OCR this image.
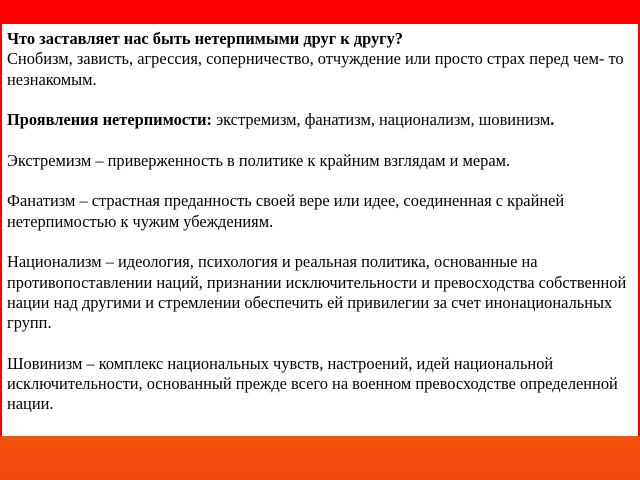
Что заставляет нас быть нетерпимыми друг к другу?

Снобизм, зависть, агрессия, соперничество, отчуждение или просто страх перед чем- то незнакомым.

Проявления нетерпимости: экстремизм, фанатизм, национализм, шовинизм.

Экстремизм – приверженность в политике к крайним взглядам и мерам.

Фанатизм – страстная преданность своей вере или идее, соединенная с крайней нетерпимостью к чужим убеждениям.

Национализм – идеология, психология и реальная политика, основанные на противопоставлении наций, признании исключительности и превосходства собственной нации над другими и стремлении обеспечить ей привилегии за счет инонациональных групп.

Шовинизм – комплекс национальных чувств, настроений, идей национальной исключительности, основанный прежде всего на военном превосходстве определенной нации.
